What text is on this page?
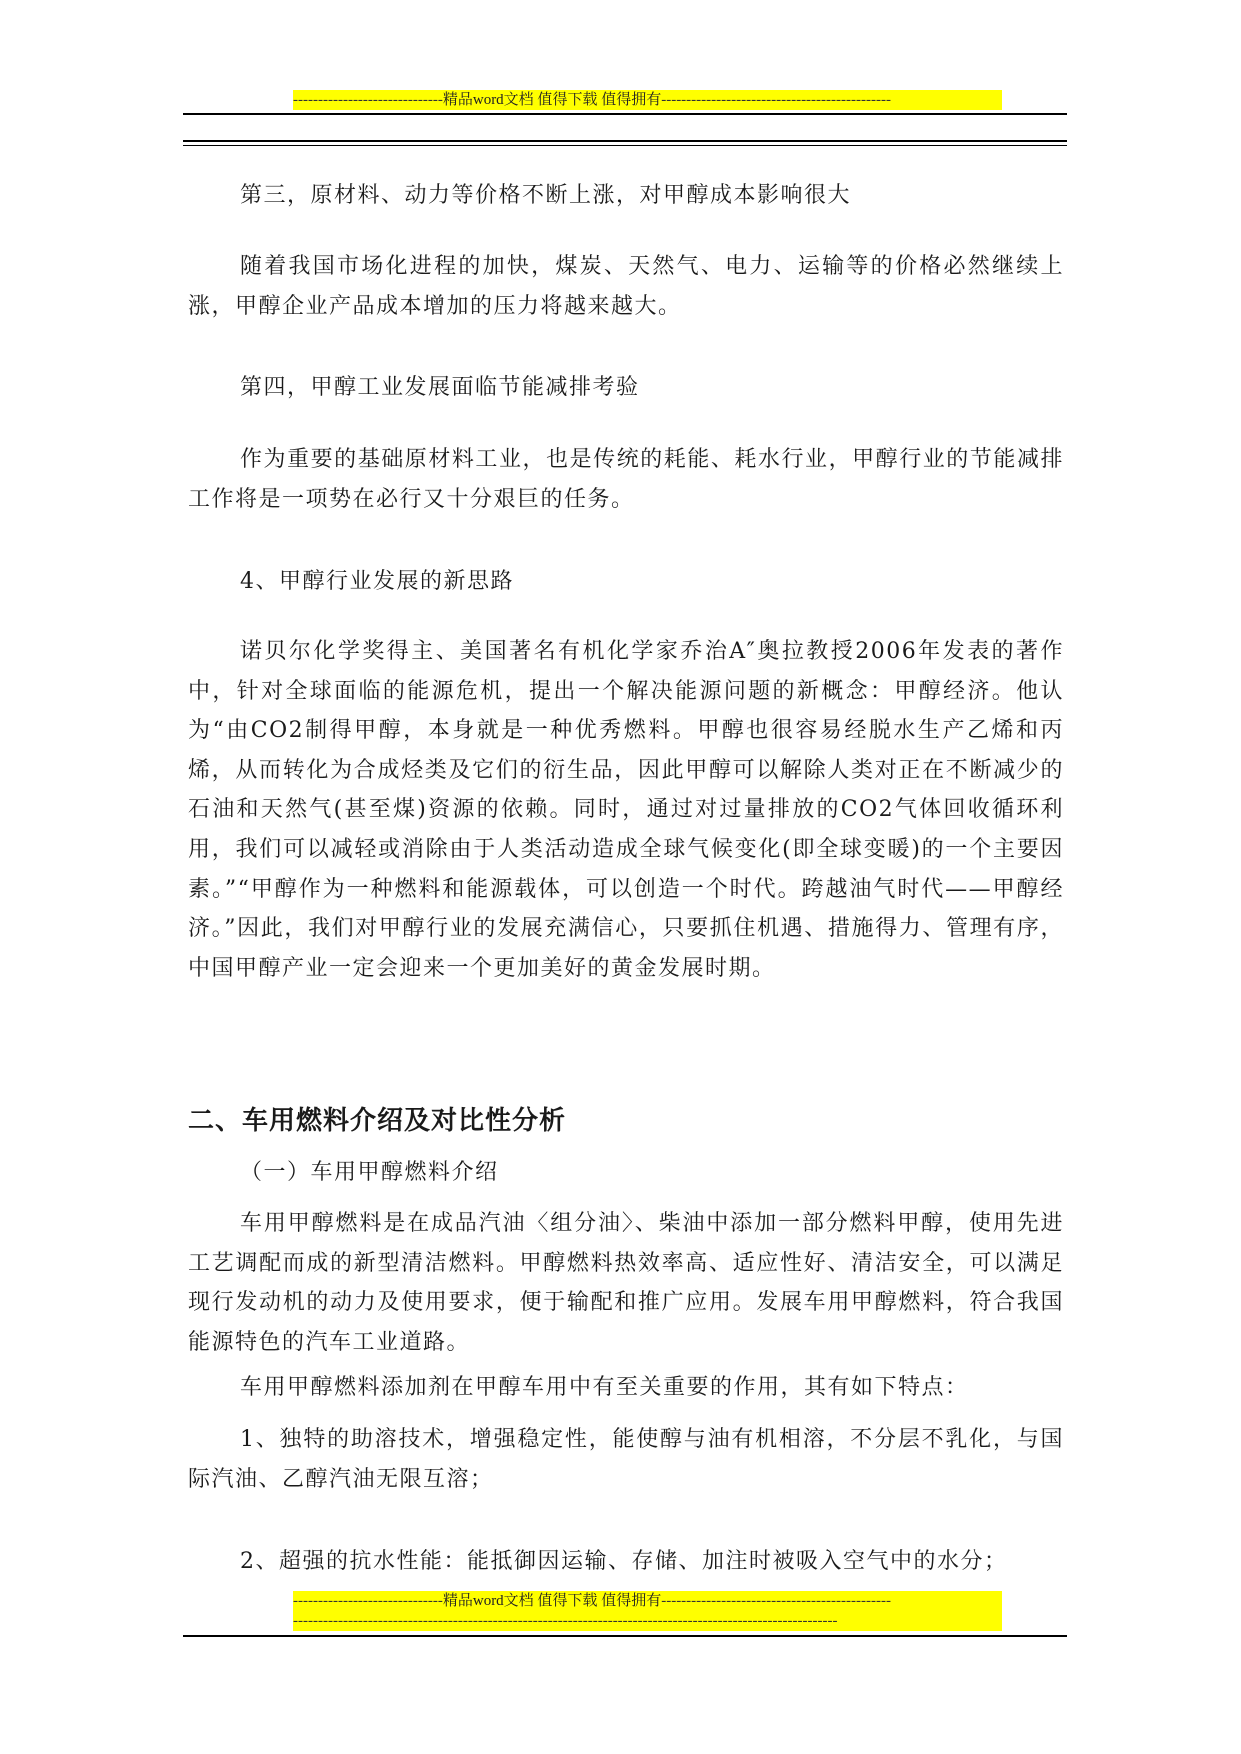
------------------------------精品word文档 值得下载 值得拥有----------------------------------------------

第三，原材料、动力等价格不断上涨，对甲醇成本影响很大

随着我国市场化进程的加快，煤炭、天然气、电力、运输等的价格必然继续上涨，甲醇企业产品成本增加的压力将越来越大。

第四，甲醇工业发展面临节能减排考验

作为重要的基础原材料工业，也是传统的耗能、耗水行业，甲醇行业的节能减排工作将是一项势在必行又十分艰巨的任务。

4、甲醇行业发展的新思路

诺贝尔化学奖得主、美国著名有机化学家乔治A″奥拉教授2006年发表的著作中，针对全球面临的能源危机，提出一个解决能源问题的新概念：甲醇经济。他认为“由CO2制得甲醇，本身就是一种优秀燃料。甲醇也很容易经脱水生产乙烯和丙烯，从而转化为合成烃类及它们的衍生品，因此甲醇可以解除人类对正在不断减少的石油和天然气(甚至煤)资源的依赖。同时，通过对过量排放的CO2气体回收循环利用，我们可以减轻或消除由于人类活动造成全球气候变化(即全球变暖)的一个主要因素。”“甲醇作为一种燃料和能源载体，可以创造一个时代。跨越油气时代——甲醇经济。”因此，我们对甲醇行业的发展充满信心，只要抓住机遇、措施得力、管理有序，中国甲醇产业一定会迎来一个更加美好的黄金发展时期。

二、车用燃料介绍及对比性分析

（一）车用甲醇燃料介绍

车用甲醇燃料是在成品汽油〈组分油〉、柴油中添加一部分燃料甲醇，使用先进工艺调配而成的新型清洁燃料。甲醇燃料热效率高、适应性好、清洁安全，可以满足现行发动机的动力及使用要求，便于输配和推广应用。发展车用甲醇燃料，符合我国能源特色的汽车工业道路。

车用甲醇燃料添加剂在甲醇车用中有至关重要的作用，其有如下特点：

1、独特的助溶技术，增强稳定性，能使醇与油有机相溶，不分层不乳化，与国际汽油、乙醇汽油无限互溶；

2、超强的抗水性能：能抵御因运输、存储、加注时被吸入空气中的水分；

------------------------------精品word文档 值得下载 值得拥有----------------------------------------------
-------------------------------------------------------------------------------------------------------------
